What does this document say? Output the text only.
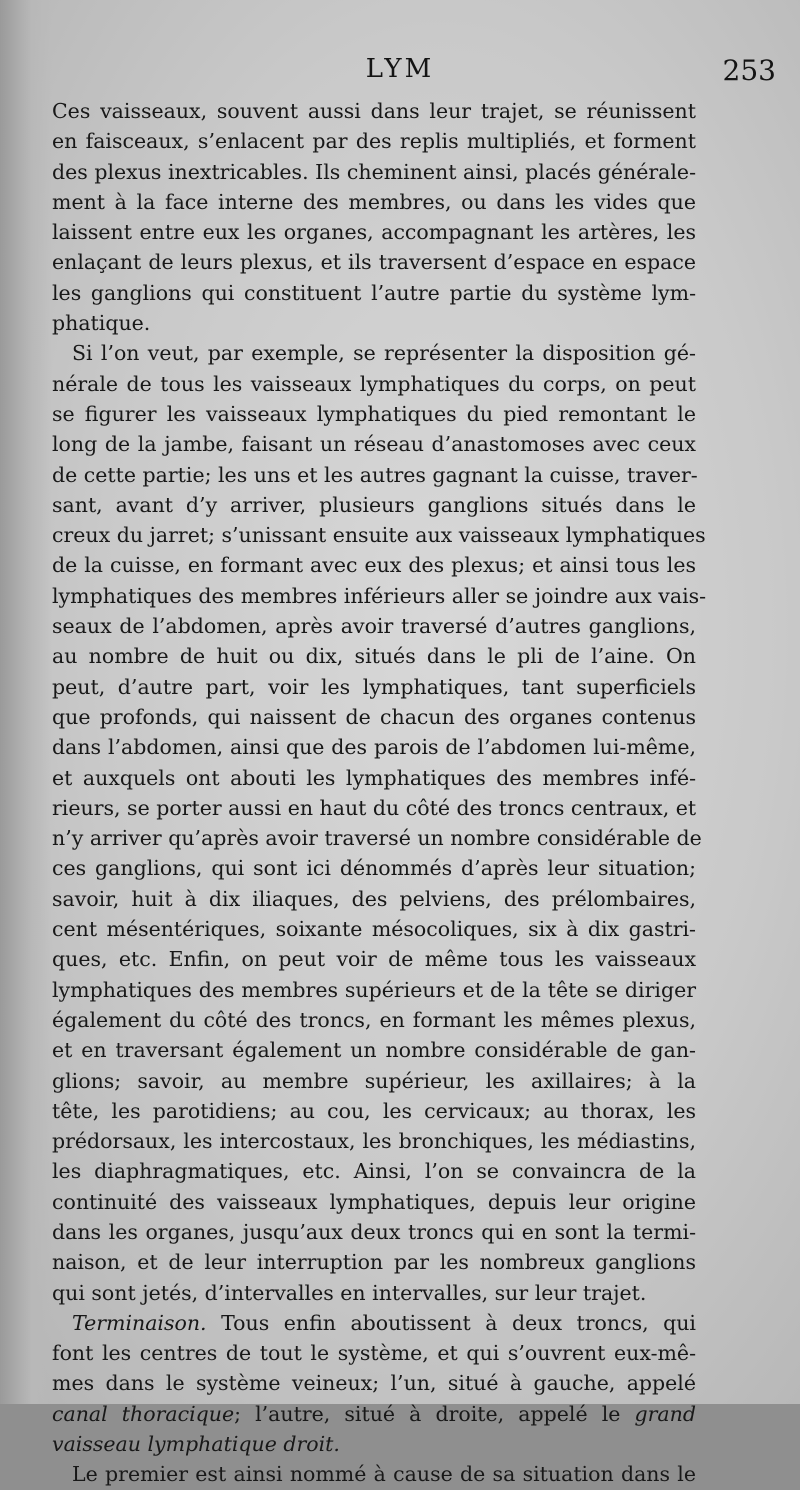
LYM	253
Ces vaisseaux, souvent aussi dans leur trajet, se réunissent
en faisceaux, s’enlacent par des replis multipliés, et forment
des plexus inextricables. Ils cheminent ainsi, placés générale-
ment à la face interne des membres, ou dans les vides que
laissent entre eux les organes, accompagnant les artères, les
enlaçant de leurs plexus, et ils traversent d’espace en espace
les ganglions qui constituent l’autre partie du système lym-
phatique.
Si l’on veut, par exemple, se représenter la disposition gé-
nérale de tous les vaisseaux lymphatiques du corps, on peut
se figurer les vaisseaux lymphatiques du pied remontant le
long de la jambe, faisant un réseau d’anastomoses avec ceux
de cette partie; les uns et les autres gagnant la cuisse, traver-
sant, avant d’y arriver, plusieurs ganglions situés dans le
creux du jarret; s’unissant ensuite aux vaisseaux lymphatiques
de la cuisse, en formant avec eux des plexus; et ainsi tous les
lymphatiques des membres inférieurs aller se joindre aux vais-
seaux de l’abdomen, après avoir traversé d’autres ganglions,
au nombre de huit ou dix, situés dans le pli de l’aine. On
peut, d’autre part, voir les lymphatiques, tant superficiels
que profonds, qui naissent de chacun des organes contenus
dans l’abdomen, ainsi que des parois de l’abdomen lui-même,
et auxquels ont abouti les lymphatiques des membres infé-
rieurs, se porter aussi en haut du côté des troncs centraux, et
n’y arriver qu’après avoir traversé un nombre considérable de
ces ganglions, qui sont ici dénommés d’après leur situation;
savoir, huit à dix iliaques, des pelviens, des prélombaires,
cent mésentériques, soixante mésocoliques, six à dix gastri-
ques, etc. Enfin, on peut voir de même tous les vaisseaux
lymphatiques des membres supérieurs et de la tête se diriger
également du côté des troncs, en formant les mêmes plexus,
et en traversant également un nombre considérable de gan-
glions; savoir, au membre supérieur, les axillaires; à la
tête, les parotidiens; au cou, les cervicaux; au thorax, les
prédorsaux, les intercostaux, les bronchiques, les médiastins,
les diaphragmatiques, etc. Ainsi, l’on se convaincra de la
continuité des vaisseaux lymphatiques, depuis leur origine
dans les organes, jusqu’aux deux troncs qui en sont la termi-
naison, et de leur interruption par les nombreux ganglions
qui sont jetés, d’intervalles en intervalles, sur leur trajet.
Terminaison. Tous enfin aboutissent à deux troncs, qui
font les centres de tout le système, et qui s’ouvrent eux-mê-
mes dans le système veineux; l’un, situé à gauche, appelé
canal thoracique; l’autre, situé à droite, appelé le grand
vaisseau lymphatique droit.
Le premier est ainsi nommé à cause de sa situation dans le
